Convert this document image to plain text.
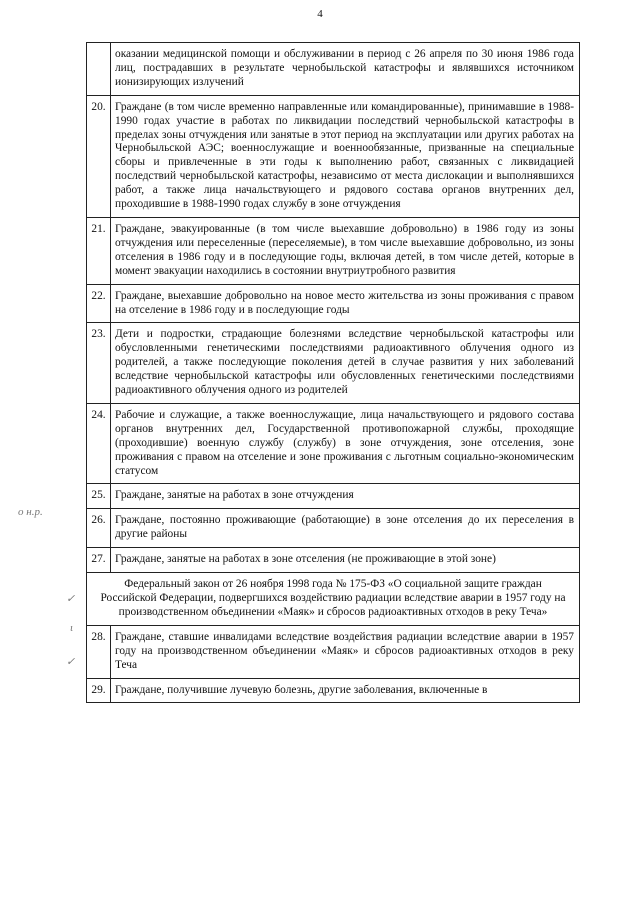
4
o н.р.
✓
ι
✓
	оказании медицинской помощи и обслуживании в период с 26 апреля по 30 июня 1986 года лиц, пострадавших в результате чернобыльской катастрофы и являвшихся источником ионизирующих излучений
20.	Граждане (в том числе временно направленные или командированные), принимавшие в 1988-1990 годах участие в работах по ликвидации последствий чернобыльской катастрофы в пределах зоны отчуждения или занятые в этот период на эксплуатации или других работах на Чернобыльской АЭС; военнослужащие и военнообязанные, призванные на специальные сборы и привлеченные в эти годы к выполнению работ, связанных с ликвидацией последствий чернобыльской катастрофы, независимо от места дислокации и выполнявшихся работ, а также лица начальствующего и рядового состава органов внутренних дел, проходившие в 1988-1990 годах службу в зоне отчуждения
21.	Граждане, эвакуированные (в том числе выехавшие добровольно) в 1986 году из зоны отчуждения или переселенные (переселяемые), в том числе выехавшие добровольно, из зоны отселения в 1986 году и в последующие годы, включая детей, в том числе детей, которые в момент эвакуации находились в состоянии внутриутробного развития
22.	Граждане, выехавшие добровольно на новое место жительства из зоны проживания с правом на отселение в 1986 году и в последующие годы
23.	Дети и подростки, страдающие болезнями вследствие чернобыльской катастрофы или обусловленными генетическими последствиями радиоактивного облучения одного из родителей, а также последующие поколения детей в случае развития у них заболеваний вследствие чернобыльской катастрофы или обусловленных генетическими последствиями радиоактивного облучения одного из родителей
24.	Рабочие и служащие, а также военнослужащие, лица начальствующего и рядового состава органов внутренних дел, Государственной противопожарной службы, проходящие (проходившие) военную службу (службу) в зоне отчуждения, зоне отселения, зоне проживания с правом на отселение и зоне проживания с льготным социально-экономическим статусом
25.	Граждане, занятые на работах в зоне отчуждения
26.	Граждане, постоянно проживающие (работающие) в зоне отселения до их переселения в другие районы
27.	Граждане, занятые на работах в зоне отселения (не проживающие в этой зоне)
Федеральный закон от 26 ноября 1998 года № 175-ФЗ «О социальной защите граждан Российской Федерации, подвергшихся воздействию радиации вследствие аварии в 1957 году на производственном объединении «Маяк» и сбросов радиоактивных отходов в реку Теча»	
28.	Граждане, ставшие инвалидами вследствие воздействия радиации вследствие аварии в 1957 году на производственном объединении «Маяк» и сбросов радиоактивных отходов в реку Теча
29.	Граждане, получившие лучевую болезнь, другие заболевания, включенные в
